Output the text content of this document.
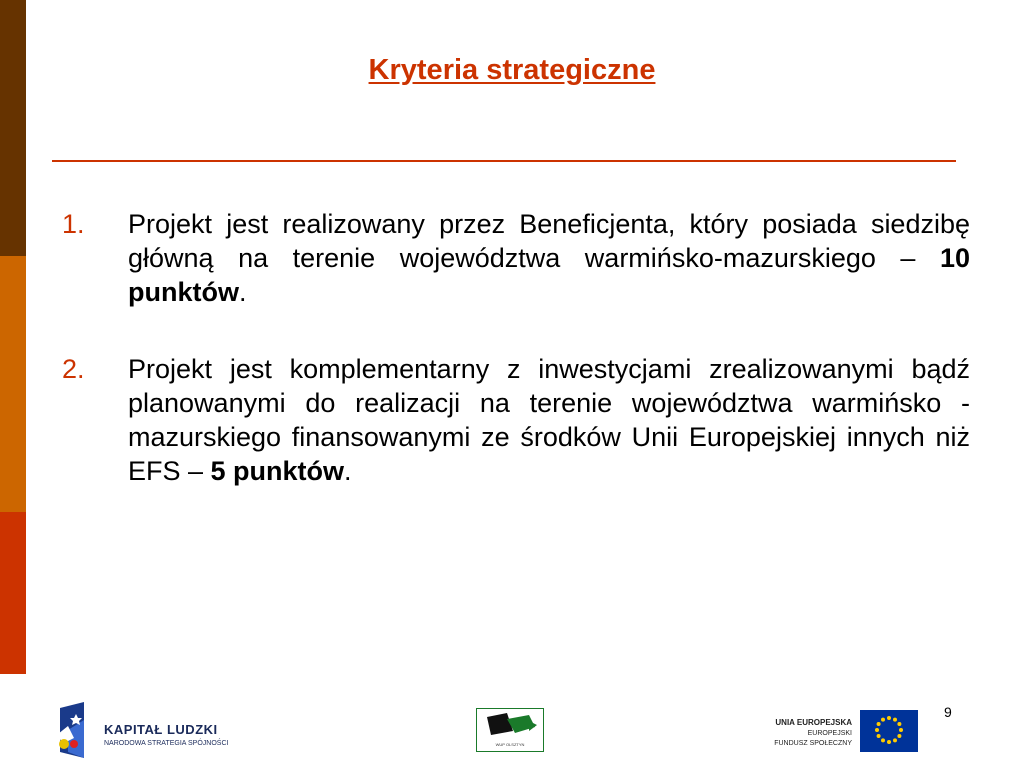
Kryteria strategiczne
1. Projekt jest realizowany przez Beneficjenta, który posiada siedzibę główną na terenie województwa warmińsko-mazurskiego – 10 punktów.
2. Projekt jest komplementarny z inwestycjami zrealizowanymi bądź planowanymi do realizacji na terenie województwa warmińsko -mazurskiego finansowanymi ze środków Unii Europejskiej innych niż EFS – 5 punktów.
9
KAPITAŁ LUDZKI
NARODOWA STRATEGIA SPÓJNOŚCI	WUP OLSZTYN
UNIA EUROPEJSKA
EUROPEJSKI
FUNDUSZ SPOŁECZNY
